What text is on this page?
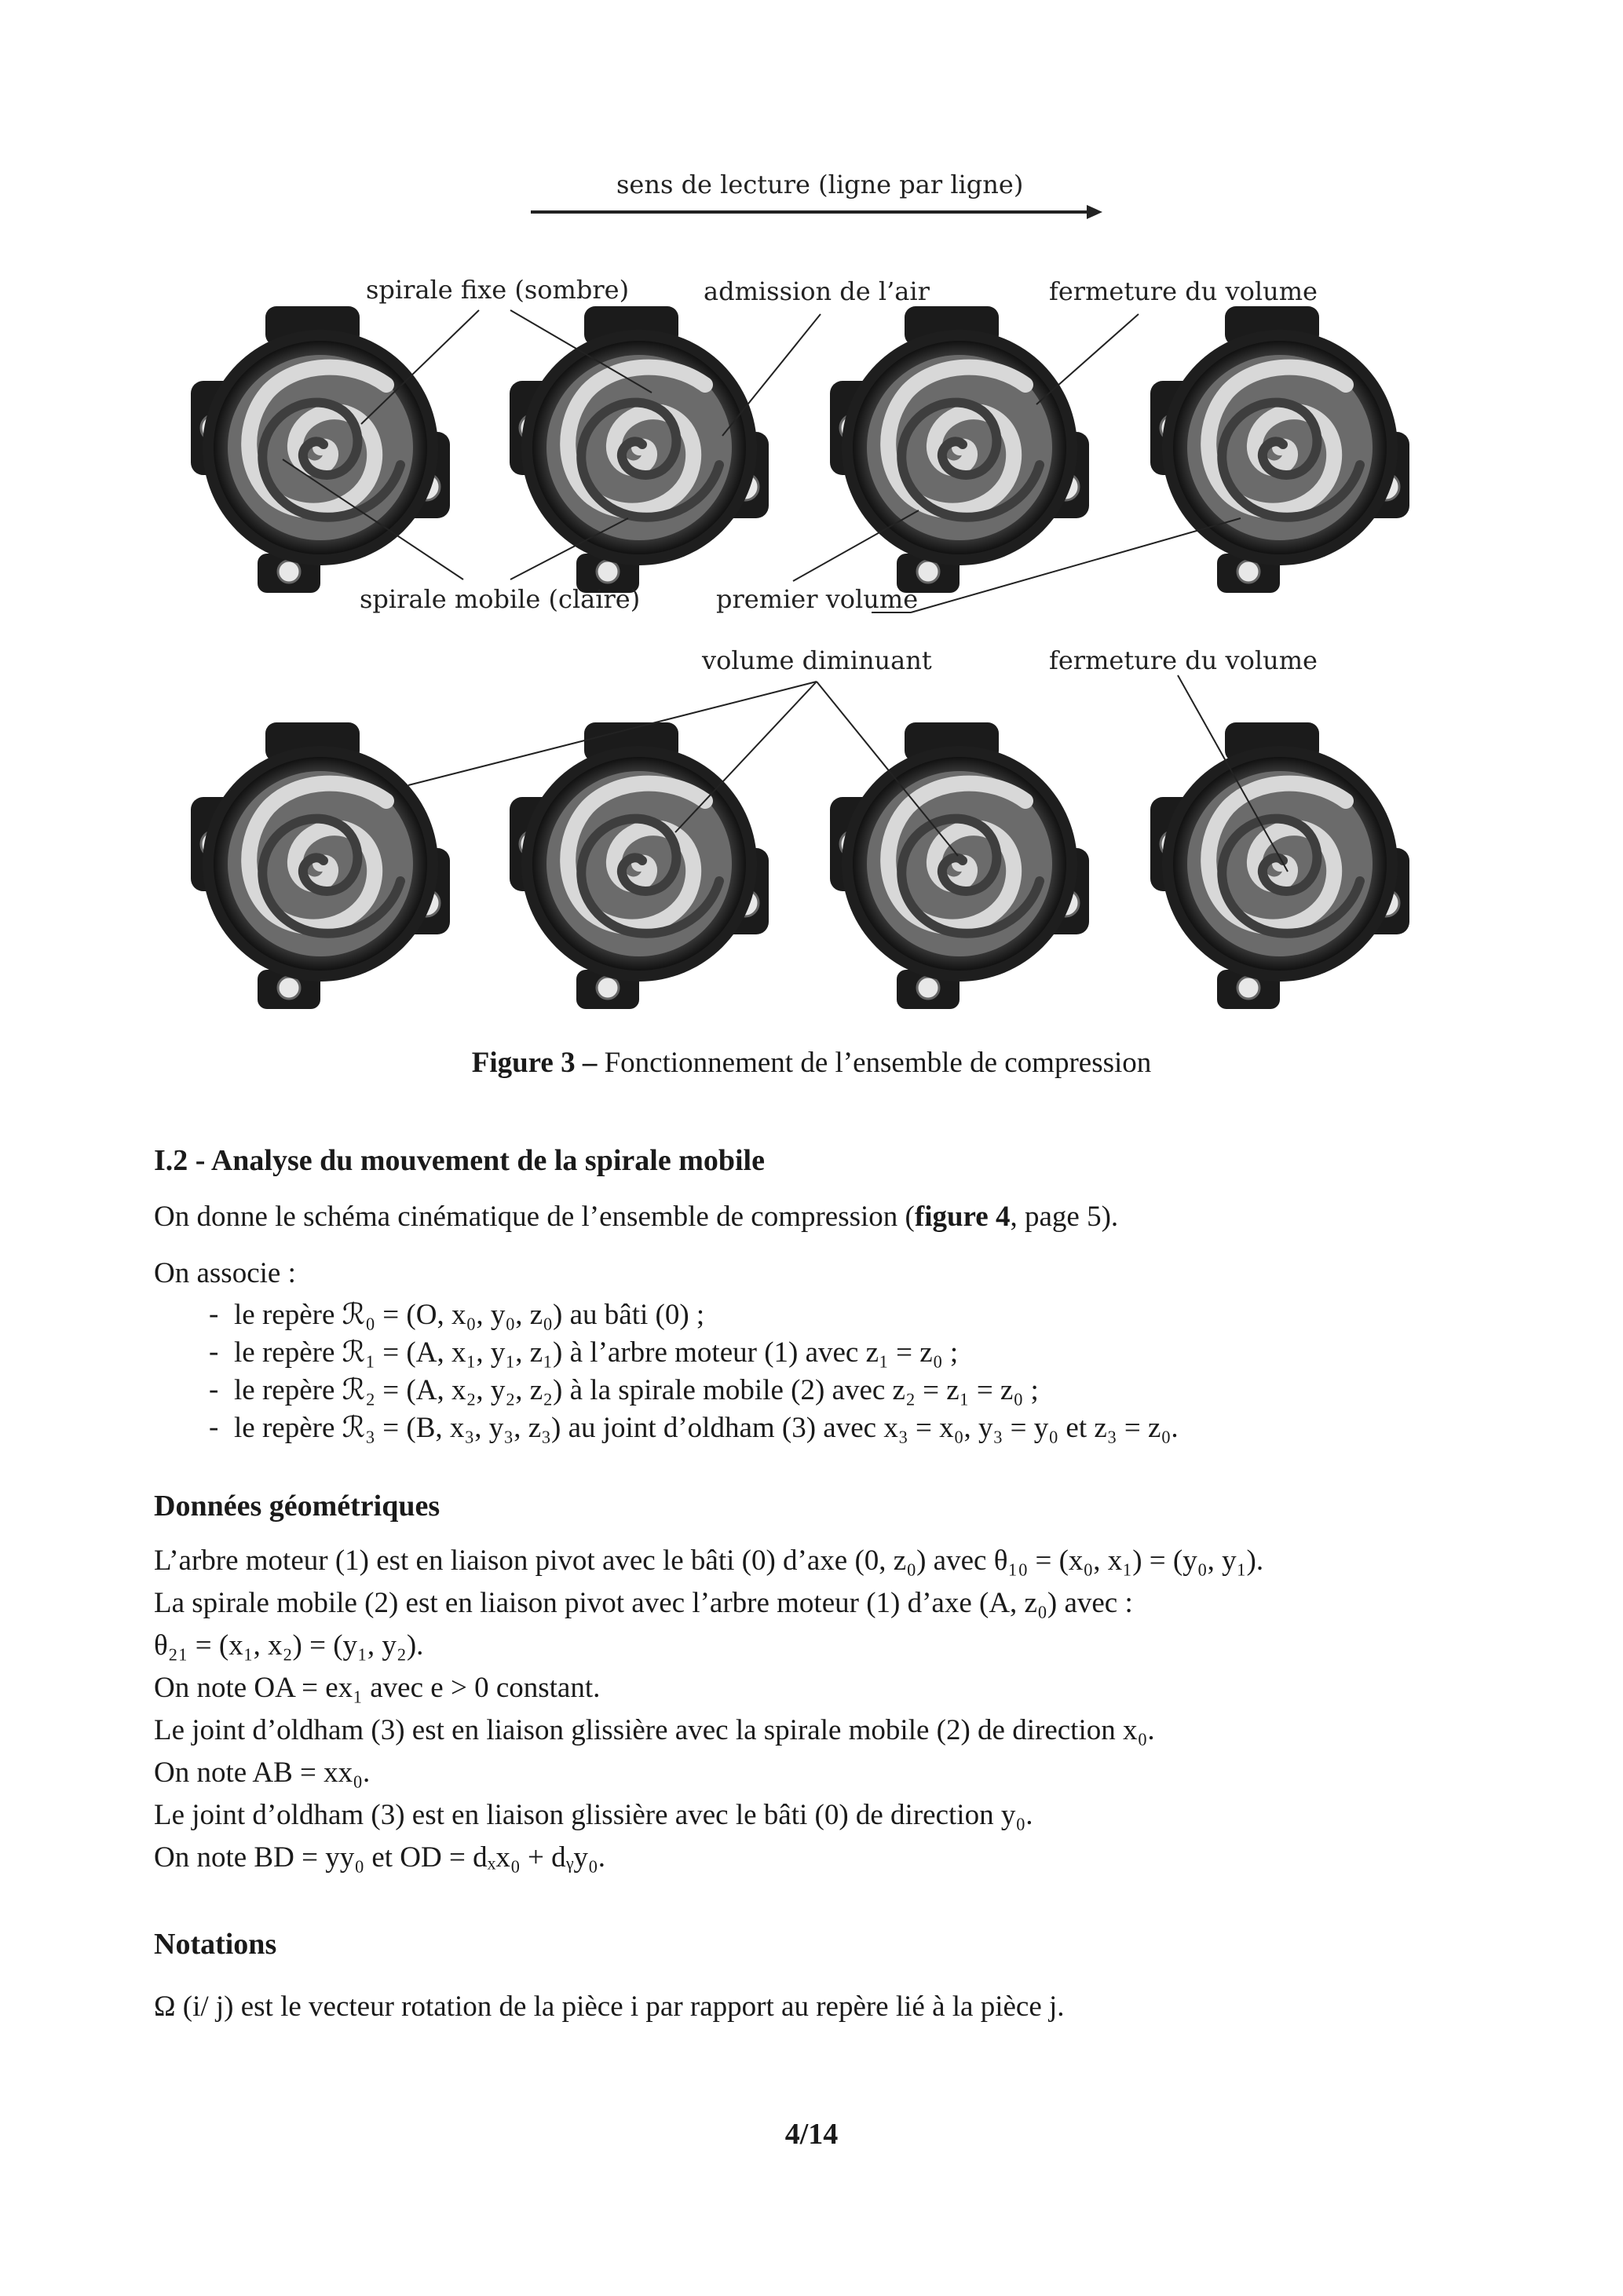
sens de lecture (ligne par ligne)
spirale fixe (sombre)	admission de l’air	fermeture du volume
spirale mobile (claire)	premier volume
volume diminuant	fermeture du volume
Figure 3 – Fonctionnement de l’ensemble de compression
I.2 - Analyse du mouvement de la spirale mobile
On donne le schéma cinématique de l’ensemble de compression (figure 4, page 5).
On associe :
- le repère ℛ₀ = (O, x₀, y₀, z₀) au bâti (0) ;
- le repère ℛ₁ = (A, x₁, y₁, z₁) à l’arbre moteur (1) avec z₁ = z₀ ;
- le repère ℛ₂ = (A, x₂, y₂, z₂) à la spirale mobile (2) avec z₂ = z₁ = z₀ ;
- le repère ℛ₃ = (B, x₃, y₃, z₃) au joint d’oldham (3) avec x₃ = x₀, y₃ = y₀ et z₃ = z₀.
Données géométriques
L’arbre moteur (1) est en liaison pivot avec le bâti (0) d’axe (0, z₀) avec θ₁₀ = (x₀, x₁) = (y₀, y₁).
La spirale mobile (2) est en liaison pivot avec l’arbre moteur (1) d’axe (A, z₀) avec :
θ₂₁ = (x₁, x₂) = (y₁, y₂).
On note OA = ex₁ avec e > 0 constant.
Le joint d’oldham (3) est en liaison glissière avec la spirale mobile (2) de direction x₀.
On note AB = xx₀.
Le joint d’oldham (3) est en liaison glissière avec le bâti (0) de direction y₀.
On note BD = yy₀ et OD = dₓx₀ + dᵧy₀.
Notations
Ω (i/ j) est le vecteur rotation de la pièce i par rapport au repère lié à la pièce j.
4/14
